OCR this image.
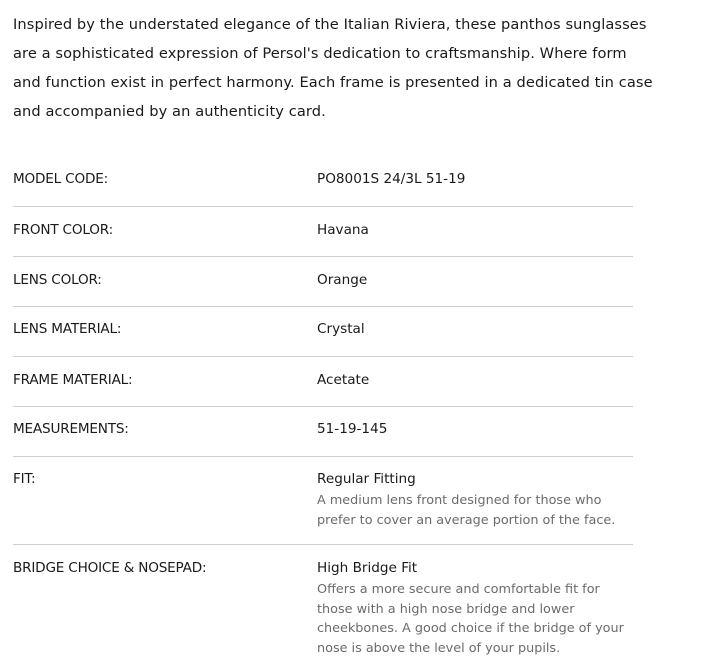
Inspired by the understated elegance of the Italian Riviera, these panthos sunglasses are a sophisticated expression of Persol's dedication to craftsmanship. Where form and function exist in perfect harmony. Each frame is presented in a dedicated tin case and accompanied by an authenticity card.

MODEL CODE:	PO8001S 24/3L 51-19
FRONT COLOR:	Havana
LENS COLOR:	Orange
LENS MATERIAL:	Crystal
FRAME MATERIAL:	Acetate
MEASUREMENTS:	51-19-145
FIT:	Regular Fitting
A medium lens front designed for those who prefer to cover an average portion of the face.
BRIDGE CHOICE & NOSEPAD:	High Bridge Fit
Offers a more secure and comfortable fit for those with a high nose bridge and lower cheekbones. A good choice if the bridge of your nose is above the level of your pupils.
